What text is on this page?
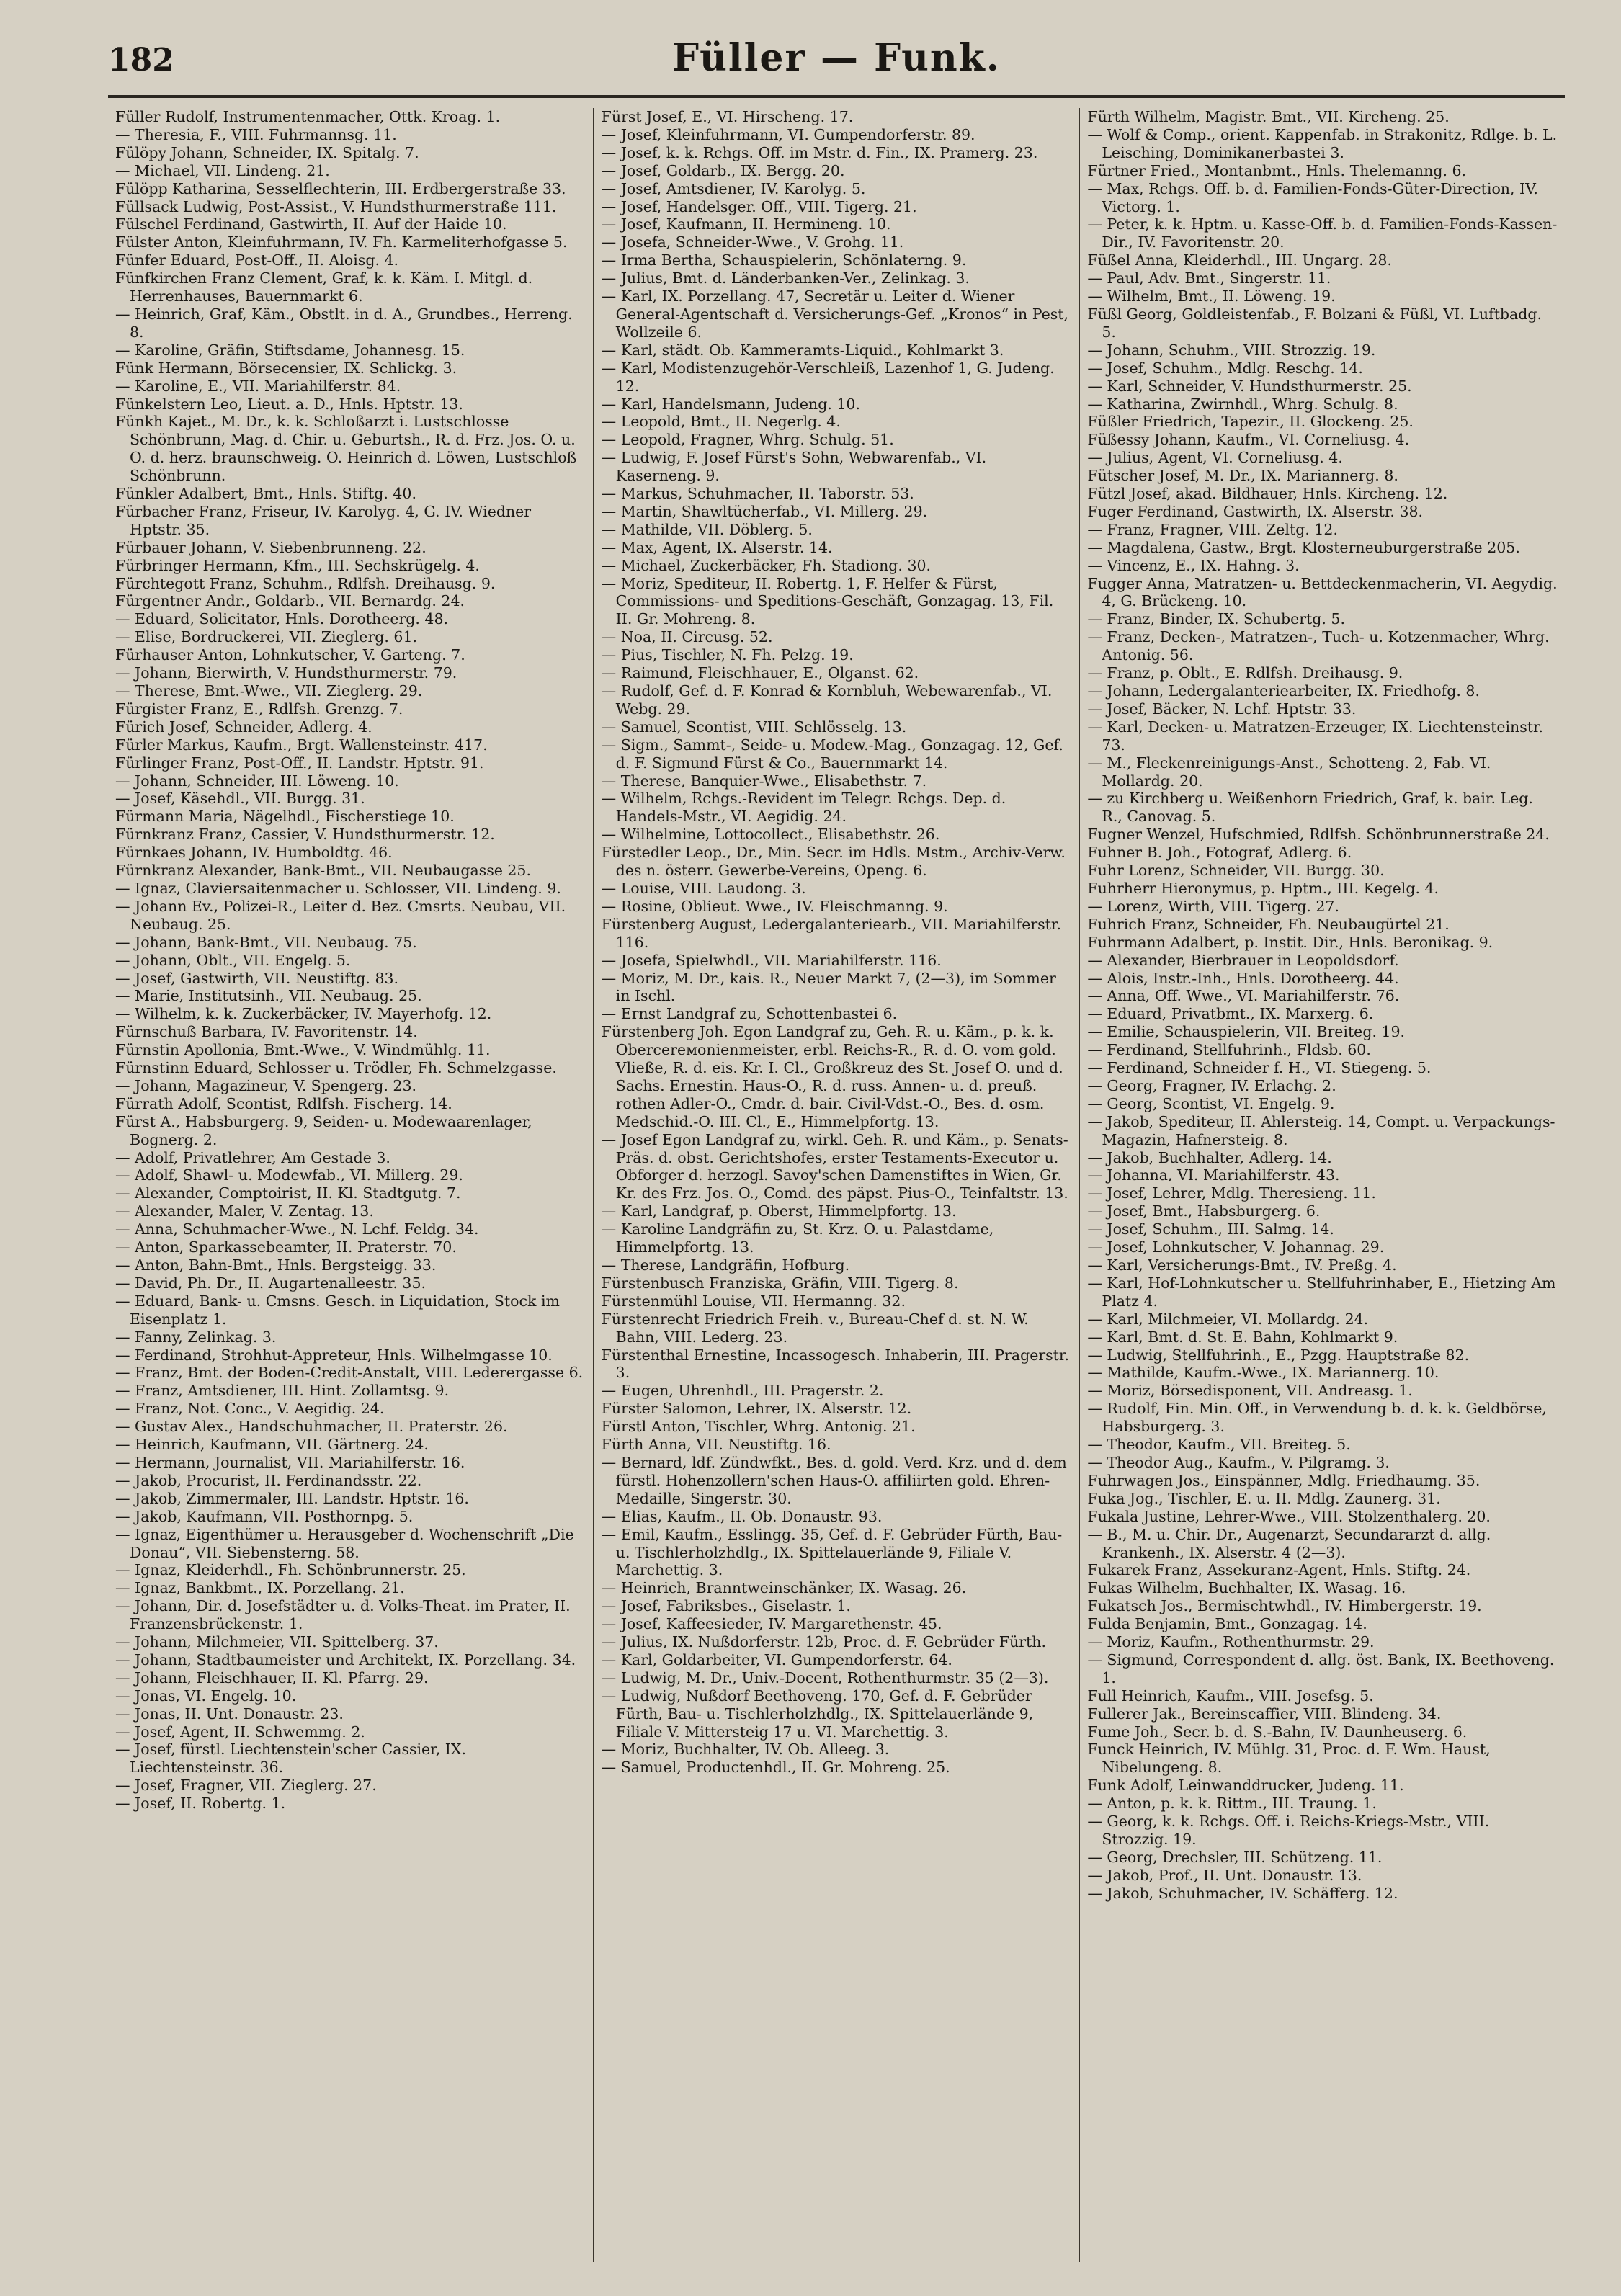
182	Füller — Funk.
Füller Rudolf, Instrumentenmacher, Ottk. Kroag. 1.
— Theresia, F., VIII. Fuhrmannsg. 11.
Fülöpy Johann, Schneider, IX. Spitalg. 7.
— Michael, VII. Lindeng. 21.
Fülöpp Katharina, Sesselflechterin, III. Erdbergerstraße 33.
Füllsack Ludwig, Post-Assist., V. Hundsthurmerstraße 111.
Fülschel Ferdinand, Gastwirth, II. Auf der Haide 10.
Fülster Anton, Kleinfuhrmann, IV. Fh. Karmeliterhofgasse 5.
Fünfer Eduard, Post-Off., II. Aloisg. 4.
Fünfkirchen Franz Clement, Graf, k. k. Käm. I. Mitgl. d. Herrenhauses, Bauernmarkt 6.
— Heinrich, Graf, Käm., Obstlt. in d. A., Grundbes., Herreng. 8.
— Karoline, Gräfin, Stiftsdame, Johannesg. 15.
Fünk Hermann, Börsecensier, IX. Schlickg. 3.
— Karoline, E., VII. Mariahilferstr. 84.
Fünkelstern Leo, Lieut. a. D., Hnls. Hptstr. 13.
Fünkh Kajet., M. Dr., k. k. Schloßarzt i. Lustschlosse Schönbrunn, Mag. d. Chir. u. Geburtsh., R. d. Frz. Jos. O. u. O. d. herz. braunschweig. O. Heinrich d. Löwen, Lustschloß Schönbrunn.
Fünkler Adalbert, Bmt., Hnls. Stiftg. 40.
Fürbacher Franz, Friseur, IV. Karolyg. 4, G. IV. Wiedner Hptstr. 35.
Fürbauer Johann, V. Siebenbrunneng. 22.
Fürbringer Hermann, Kfm., III. Sechskrügelg. 4.
Fürchtegott Franz, Schuhm., Rdlfsh. Dreihausg. 9.
Fürgentner Andr., Goldarb., VII. Bernardg. 24.
— Eduard, Solicitator, Hnls. Dorotheerg. 48.
— Elise, Bordruckerei, VII. Zieglerg. 61.
Fürhauser Anton, Lohnkutscher, V. Garteng. 7.
— Johann, Bierwirth, V. Hundsthurmerstr. 79.
— Therese, Bmt.-Wwe., VII. Zieglerg. 29.
Fürgister Franz, E., Rdlfsh. Grenzg. 7.
Fürich Josef, Schneider, Adlerg. 4.
Fürler Markus, Kaufm., Brgt. Wallensteinstr. 417.
Fürlinger Franz, Post-Off., II. Landstr. Hptstr. 91.
— Johann, Schneider, III. Löweng. 10.
— Josef, Käsehdl., VII. Burgg. 31.
Fürmann Maria, Nägelhdl., Fischerstiege 10.
Fürnkranz Franz, Cassier, V. Hundsthurmerstr. 12.
Fürnkaes Johann, IV. Humboldtg. 46.
Fürnkranz Alexander, Bank-Bmt., VII. Neubaugasse 25.
— Ignaz, Claviersaitenmacher u. Schlosser, VII. Lindeng. 9.
— Johann Ev., Polizei-R., Leiter d. Bez. Cmsrts. Neubau, VII. Neubaug. 25.
— Johann, Bank-Bmt., VII. Neubaug. 75.
— Johann, Oblt., VII. Engelg. 5.
— Josef, Gastwirth, VII. Neustiftg. 83.
— Marie, Institutsinh., VII. Neubaug. 25.
— Wilhelm, k. k. Zuckerbäcker, IV. Mayerhofg. 12.
Fürnschuß Barbara, IV. Favoritenstr. 14.
Fürnstin Apollonia, Bmt.-Wwe., V. Windmühlg. 11.
Fürnstinn Eduard, Schlosser u. Trödler, Fh. Schmelzgasse.
— Johann, Magazineur, V. Spengerg. 23.
Fürrath Adolf, Scontist, Rdlfsh. Fischerg. 14.
Fürst A., Habsburgerg. 9, Seiden- u. Modewaarenlager, Bognerg. 2.
— Adolf, Privatlehrer, Am Gestade 3.
— Adolf, Shawl- u. Modewfab., VI. Millerg. 29.
— Alexander, Comptoirist, II. Kl. Stadtgutg. 7.
— Alexander, Maler, V. Zentag. 13.
— Anna, Schuhmacher-Wwe., N. Lchf. Feldg. 34.
— Anton, Sparkassebeamter, II. Praterstr. 70.
— Anton, Bahn-Bmt., Hnls. Bergsteigg. 33.
— David, Ph. Dr., II. Augartenalleestr. 35.
— Eduard, Bank- u. Cmsns. Gesch. in Liquidation, Stock im Eisenplatz 1.
— Fanny, Zelinkag. 3.
— Ferdinand, Strohhut-Appreteur, Hnls. Wilhelmgasse 10.
— Franz, Bmt. der Boden-Credit-Anstalt, VIII. Lederergasse 6.
— Franz, Amtsdiener, III. Hint. Zollamtsg. 9.
— Franz, Not. Conc., V. Aegidig. 24.
— Gustav Alex., Handschuhmacher, II. Praterstr. 26.
— Heinrich, Kaufmann, VII. Gärtnerg. 24.
— Hermann, Journalist, VII. Mariahilferstr. 16.
— Jakob, Procurist, II. Ferdinandsstr. 22.
— Jakob, Zimmermaler, III. Landstr. Hptstr. 16.
— Jakob, Kaufmann, VII. Posthornpg. 5.
— Ignaz, Eigenthümer u. Herausgeber d. Wochenschrift „Die Donau“, VII. Siebensterng. 58.
— Ignaz, Kleiderhdl., Fh. Schönbrunnerstr. 25.
— Ignaz, Bankbmt., IX. Porzellang. 21.
— Johann, Dir. d. Josefstädter u. d. Volks-Theat. im Prater, II. Franzensbrückenstr. 1.
— Johann, Milchmeier, VII. Spittelberg. 37.
— Johann, Stadtbaumeister und Architekt, IX. Porzellang. 34.
— Johann, Fleischhauer, II. Kl. Pfarrg. 29.
— Jonas, VI. Engelg. 10.
— Jonas, II. Unt. Donaustr. 23.
— Josef, Agent, II. Schwemmg. 2.
— Josef, fürstl. Liechtenstein'scher Cassier, IX. Liechtensteinstr. 36.
— Josef, Fragner, VII. Zieglerg. 27.
— Josef, II. Robertg. 1.
Fürst Josef, E., VI. Hirscheng. 17.
— Josef, Kleinfuhrmann, VI. Gumpendorferstr. 89.
— Josef, k. k. Rchgs. Off. im Mstr. d. Fin., IX. Pramerg. 23.
— Josef, Goldarb., IX. Bergg. 20.
— Josef, Amtsdiener, IV. Karolyg. 5.
— Josef, Handelsger. Off., VIII. Tigerg. 21.
— Josef, Kaufmann, II. Hermineng. 10.
— Josefa, Schneider-Wwe., V. Grohg. 11.
— Irma Bertha, Schauspielerin, Schönlaterng. 9.
— Julius, Bmt. d. Länderbanken-Ver., Zelinkag. 3.
— Karl, IX. Porzellang. 47, Secretär u. Leiter d. Wiener General-Agentschaft d. Versicherungs-Gef. „Kronos“ in Pest, Wollzeile 6.
— Karl, städt. Ob. Kammeramts-Liquid., Kohlmarkt 3.
— Karl, Modistenzugehör-Verschleiß, Lazenhof 1, G. Judeng. 12.
— Karl, Handelsmann, Judeng. 10.
— Leopold, Bmt., II. Negerlg. 4.
— Leopold, Fragner, Whrg. Schulg. 51.
— Ludwig, F. Josef Fürst's Sohn, Webwarenfab., VI. Kaserneng. 9.
— Markus, Schuhmacher, II. Taborstr. 53.
— Martin, Shawltücherfab., VI. Millerg. 29.
— Mathilde, VII. Döblerg. 5.
— Max, Agent, IX. Alserstr. 14.
— Michael, Zuckerbäcker, Fh. Stadiong. 30.
— Moriz, Spediteur, II. Robertg. 1, F. Helfer & Fürst, Commissions- und Speditions-Geschäft, Gonzagag. 13, Fil. II. Gr. Mohreng. 8.
— Noa, II. Circusg. 52.
— Pius, Tischler, N. Fh. Pelzg. 19.
— Raimund, Fleischhauer, E., Olganst. 62.
— Rudolf, Gef. d. F. Konrad & Kornbluh, Webewarenfab., VI. Webg. 29.
— Samuel, Scontist, VIII. Schlösselg. 13.
— Sigm., Sammt-, Seide- u. Modew.-Mag., Gonzagag. 12, Gef. d. F. Sigmund Fürst & Co., Bauernmarkt 14.
— Therese, Banquier-Wwe., Elisabethstr. 7.
— Wilhelm, Rchgs.-Revident im Telegr. Rchgs. Dep. d. Handels-Mstr., VI. Aegidig. 24.
— Wilhelmine, Lottocollect., Elisabethstr. 26.
Fürstedler Leop., Dr., Min. Secr. im Hdls. Mstm., Archiv-Verw. des n. österr. Gewerbe-Vereins, Openg. 6.
— Louise, VIII. Laudong. 3.
— Rosine, Oblieut. Wwe., IV. Fleischmanng. 9.
Fürstenberg August, Ledergalanteriearb., VII. Mariahilferstr. 116.
— Josefa, Spielwhdl., VII. Mariahilferstr. 116.
— Moriz, M. Dr., kais. R., Neuer Markt 7, (2—3), im Sommer in Ischl.
— Ernst Landgraf zu, Schottenbastei 6.
Fürstenberg Joh. Egon Landgraf zu, Geh. R. u. Käm., p. k. k. Obercereмonienmeister, erbl. Reichs-R., R. d. O. vom gold. Vließe, R. d. eis. Kr. I. Cl., Großkreuz des St. Josef O. und d. Sachs. Ernestin. Haus-O., R. d. russ. Annen- u. d. preuß. rothen Adler-O., Cmdr. d. bair. Civil-Vdst.-O., Bes. d. osm. Medschid.-O. III. Cl., E., Himmelpfortg. 13.
— Josef Egon Landgraf zu, wirkl. Geh. R. und Käm., p. Senats-Präs. d. obst. Gerichtshofes, erster Testaments-Executor u. Obforger d. herzogl. Savoy'schen Damenstiftes in Wien, Gr. Kr. des Frz. Jos. O., Comd. des päpst. Pius-O., Teinfaltstr. 13.
— Karl, Landgraf, p. Oberst, Himmelpfortg. 13.
— Karoline Landgräfin zu, St. Krz. O. u. Palastdame, Himmelpfortg. 13.
— Therese, Landgräfin, Hofburg.
Fürstenbusch Franziska, Gräfin, VIII. Tigerg. 8.
Fürstenmühl Louise, VII. Hermanng. 32.
Fürstenrecht Friedrich Freih. v., Bureau-Chef d. st. N. W. Bahn, VIII. Lederg. 23.
Fürstenthal Ernestine, Incassogesch. Inhaberin, III. Pragerstr. 3.
— Eugen, Uhrenhdl., III. Pragerstr. 2.
Fürster Salomon, Lehrer, IX. Alserstr. 12.
Fürstl Anton, Tischler, Whrg. Antonig. 21.
Fürth Anna, VII. Neustiftg. 16.
— Bernard, ldf. Zündwfkt., Bes. d. gold. Verd. Krz. und d. dem fürstl. Hohenzollern'schen Haus-O. affiliirten gold. Ehren-Medaille, Singerstr. 30.
— Elias, Kaufm., II. Ob. Donaustr. 93.
— Emil, Kaufm., Esslingg. 35, Gef. d. F. Gebrüder Fürth, Bau- u. Tischlerholzhdlg., IX. Spittelauerlände 9, Filiale V. Marchettig. 3.
— Heinrich, Branntweinschänker, IX. Wasag. 26.
— Josef, Fabriksbes., Giselastr. 1.
— Josef, Kaffeesieder, IV. Margarethenstr. 45.
— Julius, IX. Nußdorferstr. 12b, Proc. d. F. Gebrüder Fürth.
— Karl, Goldarbeiter, VI. Gumpendorferstr. 64.
— Ludwig, M. Dr., Univ.-Docent, Rothenthurmstr. 35 (2—3).
— Ludwig, Nußdorf Beethoveng. 170, Gef. d. F. Gebrüder Fürth, Bau- u. Tischlerholzhdlg., IX. Spittelauerlände 9, Filiale V. Mittersteig 17 u. VI. Marchettig. 3.
— Moriz, Buchhalter, IV. Ob. Alleeg. 3.
— Samuel, Productenhdl., II. Gr. Mohreng. 25.
Fürth Wilhelm, Magistr. Bmt., VII. Kircheng. 25.
— Wolf & Comp., orient. Kappenfab. in Strakonitz, Rdlge. b. L. Leisching, Dominikanerbastei 3.
Fürtner Fried., Montanbmt., Hnls. Thelemanng. 6.
— Max, Rchgs. Off. b. d. Familien-Fonds-Güter-Direction, IV. Victorg. 1.
— Peter, k. k. Hptm. u. Kasse-Off. b. d. Familien-Fonds-Kassen-Dir., IV. Favoritenstr. 20.
Füßel Anna, Kleiderhdl., III. Ungarg. 28.
— Paul, Adv. Bmt., Singerstr. 11.
— Wilhelm, Bmt., II. Löweng. 19.
Füßl Georg, Goldleistenfab., F. Bolzani & Füßl, VI. Luftbadg. 5.
— Johann, Schuhm., VIII. Strozzig. 19.
— Josef, Schuhm., Mdlg. Reschg. 14.
— Karl, Schneider, V. Hundsthurmerstr. 25.
— Katharina, Zwirnhdl., Whrg. Schulg. 8.
Füßler Friedrich, Tapezir., II. Glockeng. 25.
Füßessy Johann, Kaufm., VI. Corneliusg. 4.
— Julius, Agent, VI. Corneliusg. 4.
Fütscher Josef, M. Dr., IX. Mariannerg. 8.
Fützl Josef, akad. Bildhauer, Hnls. Kircheng. 12.
Fuger Ferdinand, Gastwirth, IX. Alserstr. 38.
— Franz, Fragner, VIII. Zeltg. 12.
— Magdalena, Gastw., Brgt. Klosterneuburgerstraße 205.
— Vincenz, E., IX. Hahng. 3.
Fugger Anna, Matratzen- u. Bettdeckenmacherin, VI. Aegydig. 4, G. Brückeng. 10.
— Franz, Binder, IX. Schubertg. 5.
— Franz, Decken-, Matratzen-, Tuch- u. Kotzenmacher, Whrg. Antonig. 56.
— Franz, p. Oblt., E. Rdlfsh. Dreihausg. 9.
— Johann, Ledergalanteriearbeiter, IX. Friedhofg. 8.
— Josef, Bäcker, N. Lchf. Hptstr. 33.
— Karl, Decken- u. Matratzen-Erzeuger, IX. Liechtensteinstr. 73.
— M., Fleckenreinigungs-Anst., Schotteng. 2, Fab. VI. Mollardg. 20.
— zu Kirchberg u. Weißenhorn Friedrich, Graf, k. bair. Leg. R., Canovag. 5.
Fugner Wenzel, Hufschmied, Rdlfsh. Schönbrunnerstraße 24.
Fuhner B. Joh., Fotograf, Adlerg. 6.
Fuhr Lorenz, Schneider, VII. Burgg. 30.
Fuhrherr Hieronymus, p. Hptm., III. Kegelg. 4.
— Lorenz, Wirth, VIII. Tigerg. 27.
Fuhrich Franz, Schneider, Fh. Neubaugürtel 21.
Fuhrmann Adalbert, p. Instit. Dir., Hnls. Beronikag. 9.
— Alexander, Bierbrauer in Leopoldsdorf.
— Alois, Instr.-Inh., Hnls. Dorotheerg. 44.
— Anna, Off. Wwe., VI. Mariahilferstr. 76.
— Eduard, Privatbmt., IX. Marxerg. 6.
— Emilie, Schauspielerin, VII. Breiteg. 19.
— Ferdinand, Stellfuhrinh., Fldsb. 60.
— Ferdinand, Schneider f. H., VI. Stiegeng. 5.
— Georg, Fragner, IV. Erlachg. 2.
— Georg, Scontist, VI. Engelg. 9.
— Jakob, Spediteur, II. Ahlersteig. 14, Compt. u. Verpackungs-Magazin, Hafnersteig. 8.
— Jakob, Buchhalter, Adlerg. 14.
— Johanna, VI. Mariahilferstr. 43.
— Josef, Lehrer, Mdlg. Theresieng. 11.
— Josef, Bmt., Habsburgerg. 6.
— Josef, Schuhm., III. Salmg. 14.
— Josef, Lohnkutscher, V. Johannag. 29.
— Karl, Versicherungs-Bmt., IV. Preßg. 4.
— Karl, Hof-Lohnkutscher u. Stellfuhrinhaber, E., Hietzing Am Platz 4.
— Karl, Milchmeier, VI. Mollardg. 24.
— Karl, Bmt. d. St. E. Bahn, Kohlmarkt 9.
— Ludwig, Stellfuhrinh., E., Pzgg. Hauptstraße 82.
— Mathilde, Kaufm.-Wwe., IX. Mariannerg. 10.
— Moriz, Börsedisponent, VII. Andreasg. 1.
— Rudolf, Fin. Min. Off., in Verwendung b. d. k. k. Geldbörse, Habsburgerg. 3.
— Theodor, Kaufm., VII. Breiteg. 5.
— Theodor Aug., Kaufm., V. Pilgramg. 3.
Fuhrwagen Jos., Einspänner, Mdlg. Friedhaumg. 35.
Fuka Jog., Tischler, E. u. II. Mdlg. Zaunerg. 31.
Fukala Justine, Lehrer-Wwe., VIII. Stolzenthalerg. 20.
— B., M. u. Chir. Dr., Augenarzt, Secundararzt d. allg. Krankenh., IX. Alserstr. 4 (2—3).
Fukarek Franz, Assekuranz-Agent, Hnls. Stiftg. 24.
Fukas Wilhelm, Buchhalter, IX. Wasag. 16.
Fukatsch Jos., Bermischtwhdl., IV. Himbergerstr. 19.
Fulda Benjamin, Bmt., Gonzagag. 14.
— Moriz, Kaufm., Rothenthurmstr. 29.
— Sigmund, Correspondent d. allg. öst. Bank, IX. Beethoveng. 1.
Full Heinrich, Kaufm., VIII. Josefsg. 5.
Fullerer Jak., Bereinscaffier, VIII. Blindeng. 34.
Fume Joh., Secr. b. d. S.-Bahn, IV. Daunheuserg. 6.
Funck Heinrich, IV. Mühlg. 31, Proc. d. F. Wm. Haust, Nibelungeng. 8.
Funk Adolf, Leinwanddrucker, Judeng. 11.
— Anton, p. k. k. Rittm., III. Traung. 1.
— Georg, k. k. Rchgs. Off. i. Reichs-Kriegs-Mstr., VIII. Strozzig. 19.
— Georg, Drechsler, III. Schützeng. 11.
— Jakob, Prof., II. Unt. Donaustr. 13.
— Jakob, Schuhmacher, IV. Schäfferg. 12.
